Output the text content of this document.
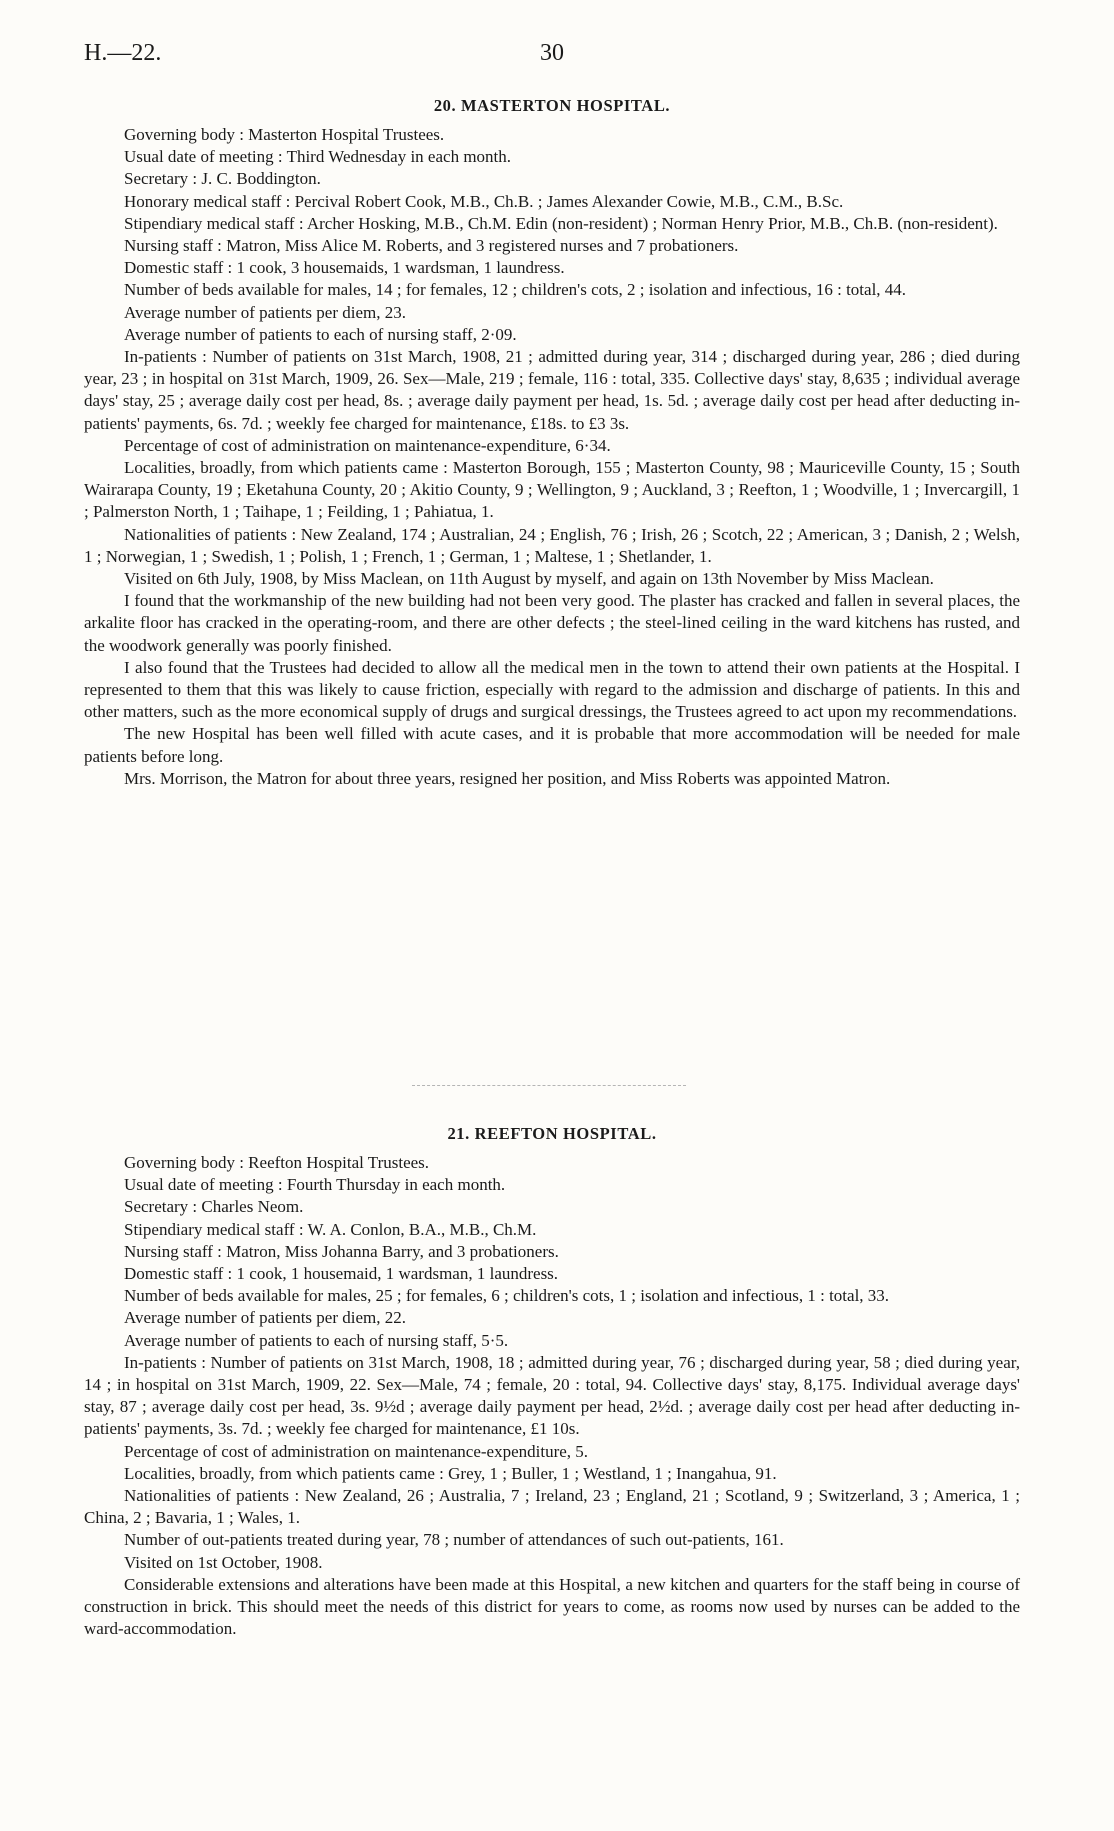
H.—22.	30
20. MASTERTON HOSPITAL.

Governing body : Masterton Hospital Trustees.

Usual date of meeting : Third Wednesday in each month.

Secretary : J. C. Boddington.

Honorary medical staff : Percival Robert Cook, M.B., Ch.B. ; James Alexander Cowie, M.B., C.M., B.Sc.

Stipendiary medical staff : Archer Hosking, M.B., Ch.M. Edin (non-resident) ; Norman Henry Prior, M.B., Ch.B. (non-resident).

Nursing staff : Matron, Miss Alice M. Roberts, and 3 registered nurses and 7 probationers.

Domestic staff : 1 cook, 3 housemaids, 1 wardsman, 1 laundress.

Number of beds available for males, 14 ; for females, 12 ; children's cots, 2 ; isolation and infectious, 16 : total, 44.

Average number of patients per diem, 23.

Average number of patients to each of nursing staff, 2·09.

In-patients : Number of patients on 31st March, 1908, 21 ; admitted during year, 314 ; discharged during year, 286 ; died during year, 23 ; in hospital on 31st March, 1909, 26. Sex—Male, 219 ; female, 116 : total, 335. Collective days' stay, 8,635 ; individual average days' stay, 25 ; average daily cost per head, 8s. ; average daily payment per head, 1s. 5d. ; average daily cost per head after deducting in-patients' payments, 6s. 7d. ; weekly fee charged for maintenance, £18s. to £3 3s.

Percentage of cost of administration on maintenance-expenditure, 6·34.

Localities, broadly, from which patients came : Masterton Borough, 155 ; Masterton County, 98 ; Mauriceville County, 15 ; South Wairarapa County, 19 ; Eketahuna County, 20 ; Akitio County, 9 ; Wellington, 9 ; Auckland, 3 ; Reefton, 1 ; Woodville, 1 ; Invercargill, 1 ; Palmerston North, 1 ; Taihape, 1 ; Feilding, 1 ; Pahiatua, 1.

Nationalities of patients : New Zealand, 174 ; Australian, 24 ; English, 76 ; Irish, 26 ; Scotch, 22 ; American, 3 ; Danish, 2 ; Welsh, 1 ; Norwegian, 1 ; Swedish, 1 ; Polish, 1 ; French, 1 ; German, 1 ; Maltese, 1 ; Shetlander, 1.

Visited on 6th July, 1908, by Miss Maclean, on 11th August by myself, and again on 13th November by Miss Maclean.

I found that the workmanship of the new building had not been very good. The plaster has cracked and fallen in several places, the arkalite floor has cracked in the operating-room, and there are other defects ; the steel-lined ceiling in the ward kitchens has rusted, and the woodwork generally was poorly finished.

I also found that the Trustees had decided to allow all the medical men in the town to attend their own patients at the Hospital. I represented to them that this was likely to cause friction, especially with regard to the admission and discharge of patients. In this and other matters, such as the more economical supply of drugs and surgical dressings, the Trustees agreed to act upon my recommendations.

The new Hospital has been well filled with acute cases, and it is probable that more accommodation will be needed for male patients before long.

Mrs. Morrison, the Matron for about three years, resigned her position, and Miss Roberts was appointed Matron.

21. REEFTON HOSPITAL.

Governing body : Reefton Hospital Trustees.

Usual date of meeting : Fourth Thursday in each month.

Secretary : Charles Neom.

Stipendiary medical staff : W. A. Conlon, B.A., M.B., Ch.M.

Nursing staff : Matron, Miss Johanna Barry, and 3 probationers.

Domestic staff : 1 cook, 1 housemaid, 1 wardsman, 1 laundress.

Number of beds available for males, 25 ; for females, 6 ; children's cots, 1 ; isolation and infectious, 1 : total, 33.

Average number of patients per diem, 22.

Average number of patients to each of nursing staff, 5·5.

In-patients : Number of patients on 31st March, 1908, 18 ; admitted during year, 76 ; discharged during year, 58 ; died during year, 14 ; in hospital on 31st March, 1909, 22. Sex—Male, 74 ; female, 20 : total, 94. Collective days' stay, 8,175. Individual average days' stay, 87 ; average daily cost per head, 3s. 9½d ; average daily payment per head, 2½d. ; average daily cost per head after deducting in-patients' payments, 3s. 7d. ; weekly fee charged for maintenance, £1 10s.

Percentage of cost of administration on maintenance-expenditure, 5.

Localities, broadly, from which patients came : Grey, 1 ; Buller, 1 ; Westland, 1 ; Inangahua, 91.

Nationalities of patients : New Zealand, 26 ; Australia, 7 ; Ireland, 23 ; England, 21 ; Scotland, 9 ; Switzerland, 3 ; America, 1 ; China, 2 ; Bavaria, 1 ; Wales, 1.

Number of out-patients treated during year, 78 ; number of attendances of such out-patients, 161.

Visited on 1st October, 1908.

Considerable extensions and alterations have been made at this Hospital, a new kitchen and quarters for the staff being in course of construction in brick. This should meet the needs of this district for years to come, as rooms now used by nurses can be added to the ward-accommodation.
